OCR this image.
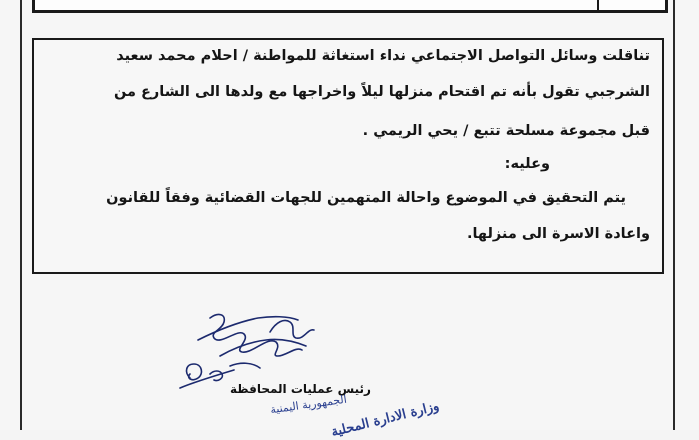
تناقلت وسائل التواصل الاجتماعي نداء استغاثة للمواطنة / احلام محمد سعيد
الشرجبي تقول بأنه تم اقتحام منزلها ليلاً واخراجها مع ولدها الى الشارع من
قبل مجموعة مسلحة تتبع / يحي الريمي .
وعليه:
يتم التحقيق في الموضوع واحالة المتهمين للجهات القضائية وفقاً للقانون
واعادة الاسرة الى منزلها.
رئيس عمليات المحافظة
الجمهورية اليمنية
وزارة الادارة المحلية
